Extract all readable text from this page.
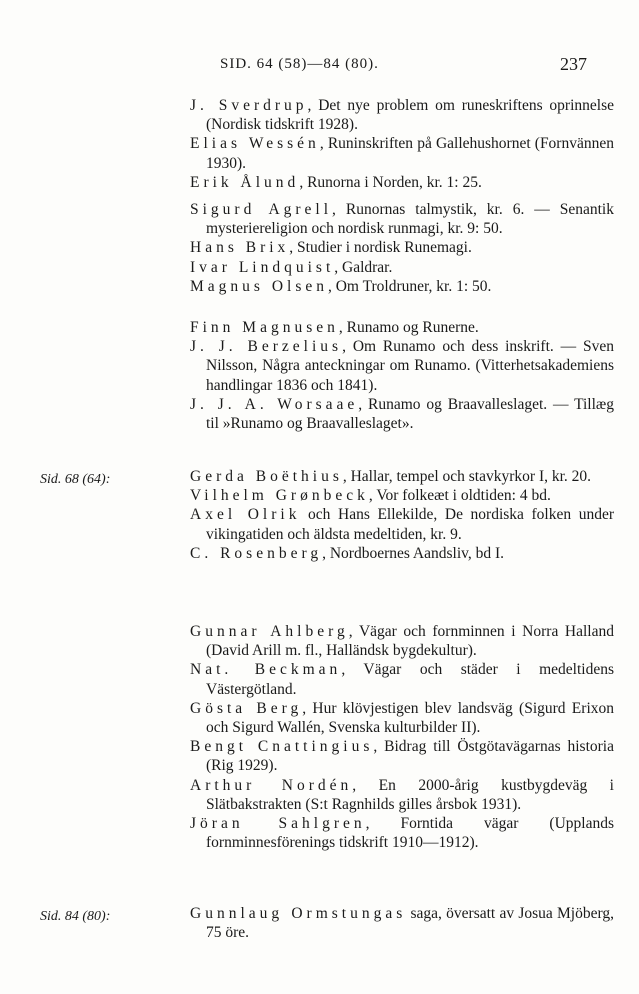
SID. 64 (58)—84 (80).	237
J. Sverdrup, Det nye problem om runeskriftens oprinnelse (Nordisk tidskrift 1928).
Elias Wessén, Runinskriften på Gallehushornet (Fornvännen 1930).
Erik Ålund, Runorna i Norden, kr. 1: 25.
Sigurd Agrell, Runornas talmystik, kr. 6. — Senantik mysteriereligion och nordisk runmagi, kr. 9: 50.
Hans Brix, Studier i nordisk Runemagi.
Ivar Lindquist, Galdrar.
Magnus Olsen, Om Troldruner, kr. 1: 50.
Finn Magnusen, Runamo og Runerne.
J. J. Berzelius, Om Runamo och dess inskrift. — Sven Nilsson, Några anteckningar om Runamo. (Vitterhetsakademiens handlingar 1836 och 1841).
J. J. A. Worsaae, Runamo og Braavalleslaget. — Tillæg til »Runamo og Braavalleslaget».
Sid. 68 (64):	Gerda Boëthius, Hallar, tempel och stavkyrkor I, kr. 20.
Vilhelm Grønbeck, Vor folkeæt i oldtiden: 4 bd.
Axel Olrik och Hans Ellekilde, De nordiska folken under vikingatiden och äldsta medeltiden, kr. 9.
C. Rosenberg, Nordboernes Aandsliv, bd I.
Gunnar Ahlberg, Vägar och fornminnen i Norra Halland (David Arill m. fl., Halländsk bygdekultur).
Nat. Beckman, Vägar och städer i medeltidens Västergötland.
Gösta Berg, Hur klövjestigen blev landsväg (Sigurd Erixon och Sigurd Wallén, Svenska kulturbilder II).
Bengt Cnattingius, Bidrag till Östgötavägarnas historia (Rig 1929).
Arthur Nordén, En 2000-årig kustbygdeväg i Slätbakstrakten (S:t Ragnhilds gilles årsbok 1931).
Jöran Sahlgren, Forntida vägar (Upplands fornminnesförenings tidskrift 1910—1912).
Sid. 84 (80):	Gunnlaug Ormstungas saga, översatt av Josua Mjöberg, 75 öre.
